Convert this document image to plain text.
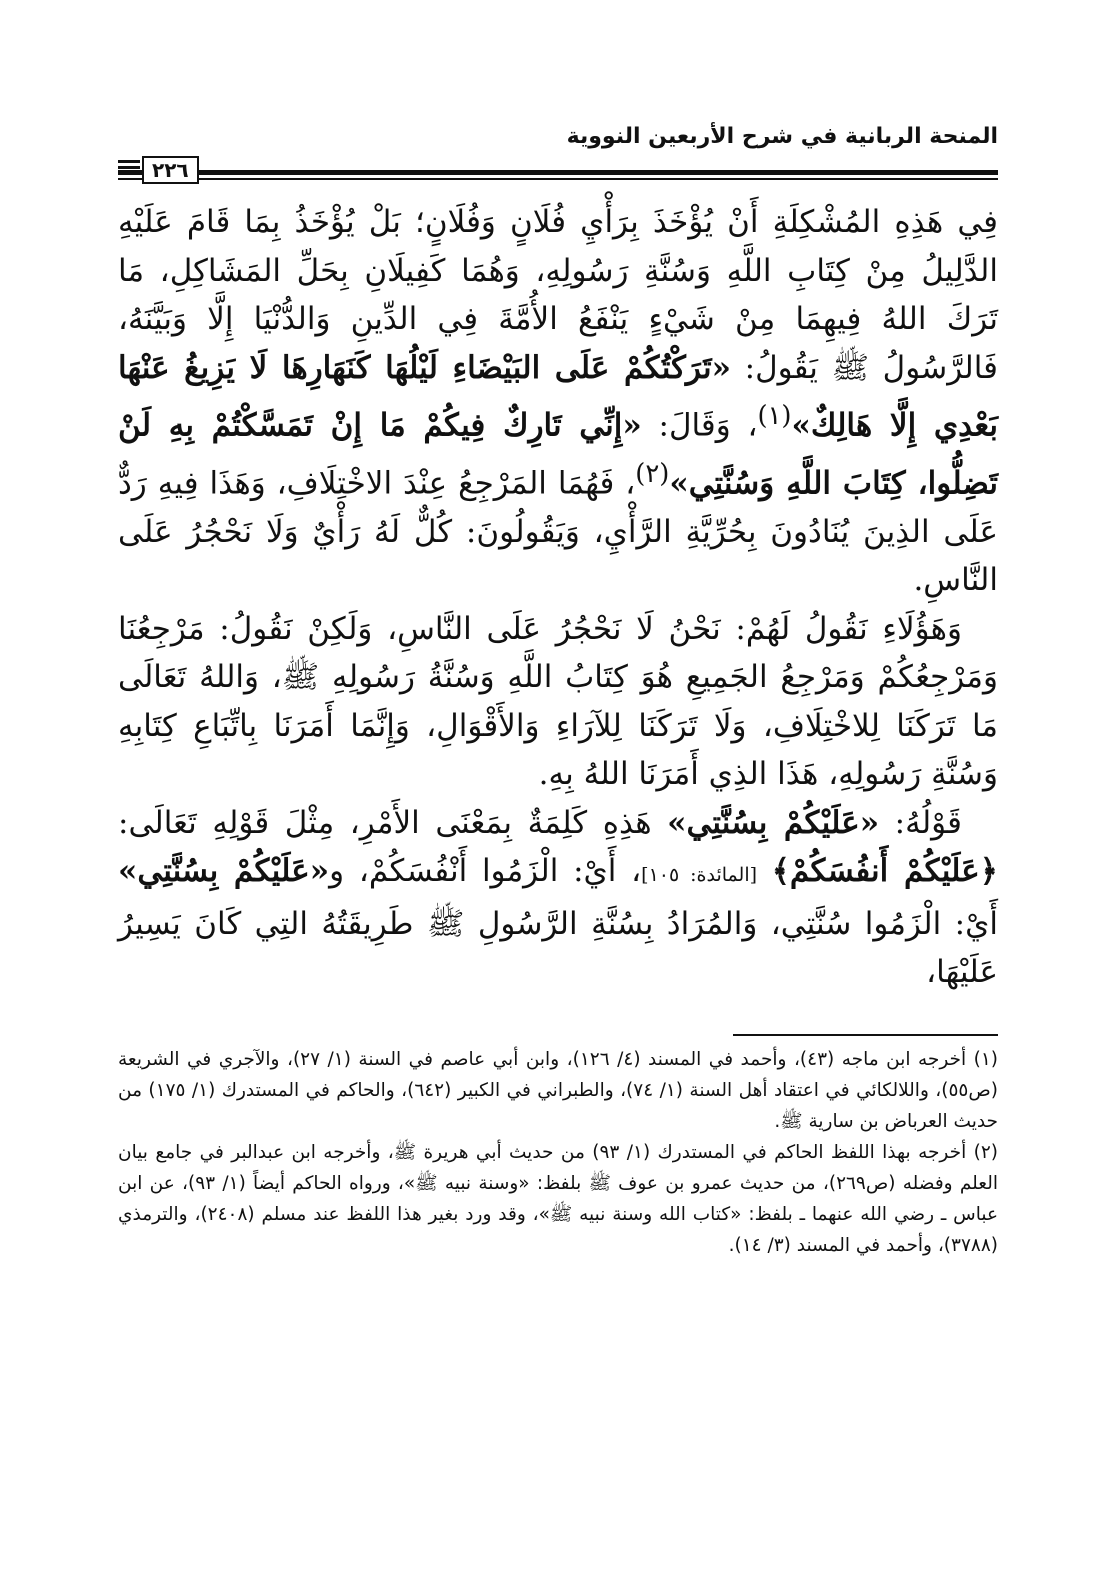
المنحة الربانية في شرح الأربعين النووية
٢٢٦

فِي هَذِهِ المُشْكِلَةِ أَنْ يُؤْخَذَ بِرَأْيِ فُلَانٍ وَفُلَانٍ؛ بَلْ يُؤْخَذُ بِمَا قَامَ عَلَيْهِ الدَّلِيلُ مِنْ كِتَابِ اللَّهِ وَسُنَّةِ رَسُولِهِ، وَهُمَا كَفِيلَانِ بِحَلِّ المَشَاكِلِ، مَا تَرَكَ اللهُ فِيهِمَا مِنْ شَيْءٍ يَنْفَعُ الأُمَّةَ فِي الدِّينِ وَالدُّنْيَا إِلَّا وَبَيَّنَهُ، فَالرَّسُولُ ﷺ يَقُولُ: «تَرَكْتُكُمْ عَلَى البَيْضَاءِ لَيْلُهَا كَنَهَارِهَا لَا يَزِيغُ عَنْهَا بَعْدِي إِلَّا هَالِكٌ»$^{(١)}$، وَقَالَ: «إِنِّي تَارِكٌ فِيكُمْ مَا إِنْ تَمَسَّكْتُمْ بِهِ لَنْ تَضِلُّوا، كِتَابَ اللَّهِ وَسُنَّتِي»$^{(٢)}$، فَهُمَا المَرْجِعُ عِنْدَ الاخْتِلَافِ، وَهَذَا فِيهِ رَدٌّ عَلَى الذِينَ يُنَادُونَ بِحُرِّيَّةِ الرَّأْيِ، وَيَقُولُونَ: كُلٌّ لَهُ رَأْيٌ وَلَا نَحْجُرُ عَلَى النَّاسِ.

وَهَؤُلَاءِ نَقُولُ لَهُمْ: نَحْنُ لَا نَحْجُرُ عَلَى النَّاسِ، وَلَكِنْ نَقُولُ: مَرْجِعُنَا وَمَرْجِعُكُمْ وَمَرْجِعُ الجَمِيعِ هُوَ كِتَابُ اللَّهِ وَسُنَّةُ رَسُولِهِ ﷺ، وَاللهُ تَعَالَى مَا تَرَكَنَا لِلاخْتِلَافِ، وَلَا تَرَكَنَا لِلآرَاءِ وَالأَقْوَالِ، وَإِنَّمَا أَمَرَنَا بِاتِّبَاعِ كِتَابِهِ وَسُنَّةِ رَسُولِهِ، هَذَا الذِي أَمَرَنَا اللهُ بِهِ.

قَوْلُهُ: «عَلَيْكُمْ بِسُنَّتِي» هَذِهِ كَلِمَةٌ بِمَعْنَى الأَمْرِ، مِثْلَ قَوْلِهِ تَعَالَى: ﴿عَلَيْكُمْ أَنفُسَكُمْ﴾ [المائدة: ١٠٥]، أَيْ: الْزَمُوا أَنْفُسَكُمْ، و«عَلَيْكُمْ بِسُنَّتِي» أَيْ: الْزَمُوا سُنَّتِي، وَالمُرَادُ بِسُنَّةِ الرَّسُولِ ﷺ طَرِيقَتُهُ التِي كَانَ يَسِيرُ عَلَيْهَا،

(١) أخرجه ابن ماجه (٤٣)، وأحمد في المسند (٤/ ١٢٦)، وابن أبي عاصم في السنة (١/ ٢٧)، والآجري في الشريعة (ص٥٥)، واللالكائي في اعتقاد أهل السنة (١/ ٧٤)، والطبراني في الكبير (٦٤٢)، والحاكم في المستدرك (١/ ١٧٥) من حديث العرباض بن سارية ﷺ.

(٢) أخرجه بهذا اللفظ الحاكم في المستدرك (١/ ٩٣) من حديث أبي هريرة ﷺ، وأخرجه ابن عبدالبر في جامع بيان العلم وفضله (ص٢٦٩)، من حديث عمرو بن عوف ﷺ بلفظ: «وسنة نبيه ﷺ»، ورواه الحاكم أيضاً (١/ ٩٣)، عن ابن عباس ـ رضي الله عنهما ـ بلفظ: «كتاب الله وسنة نبيه ﷺ»، وقد ورد بغير هذا اللفظ عند مسلم (٢٤٠٨)، والترمذي (٣٧٨٨)، وأحمد في المسند (٣/ ١٤).
